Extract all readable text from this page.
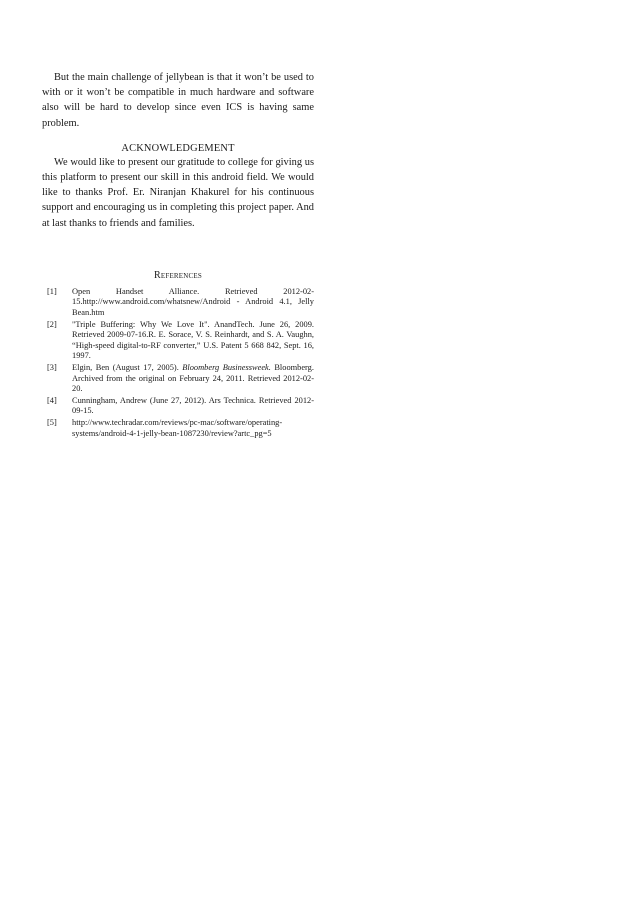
But the main challenge of jellybean is that it won’t be used to with or it won’t be compatible in much hardware and software also will be hard to develop since even ICS is having same problem.

ACKNOWLEDGEMENT

We would like to present our gratitude to college for giving us this platform to present our skill in this android field. We would like to thanks Prof. Er. Niranjan Khakurel for his continuous support and encouraging us in completing this project paper. And at last thanks to friends and families.

References
[1]	Open Handset Alliance. Retrieved 2012-02-15.http://www.android.com/whatsnew/Android - Android 4.1, Jelly Bean.htm
[2]	"Triple Buffering: Why We Love It". AnandTech. June 26, 2009. Retrieved 2009-07-16.R. E. Sorace, V. S. Reinhardt, and S. A. Vaughn, “High-speed digital-to-RF converter,” U.S. Patent 5 668 842, Sept. 16, 1997.
[3]	Elgin, Ben (August 17, 2005). Bloomberg Businessweek. Bloomberg. Archived from the original on February 24, 2011. Retrieved 2012-02-20.
[4]	Cunningham, Andrew (June 27, 2012). Ars Technica. Retrieved 2012-09-15.
[5]	http://www.techradar.com/reviews/pc-mac/software/operating-systems/android-4-1-jelly-bean-1087230/review?artc_pg=5
